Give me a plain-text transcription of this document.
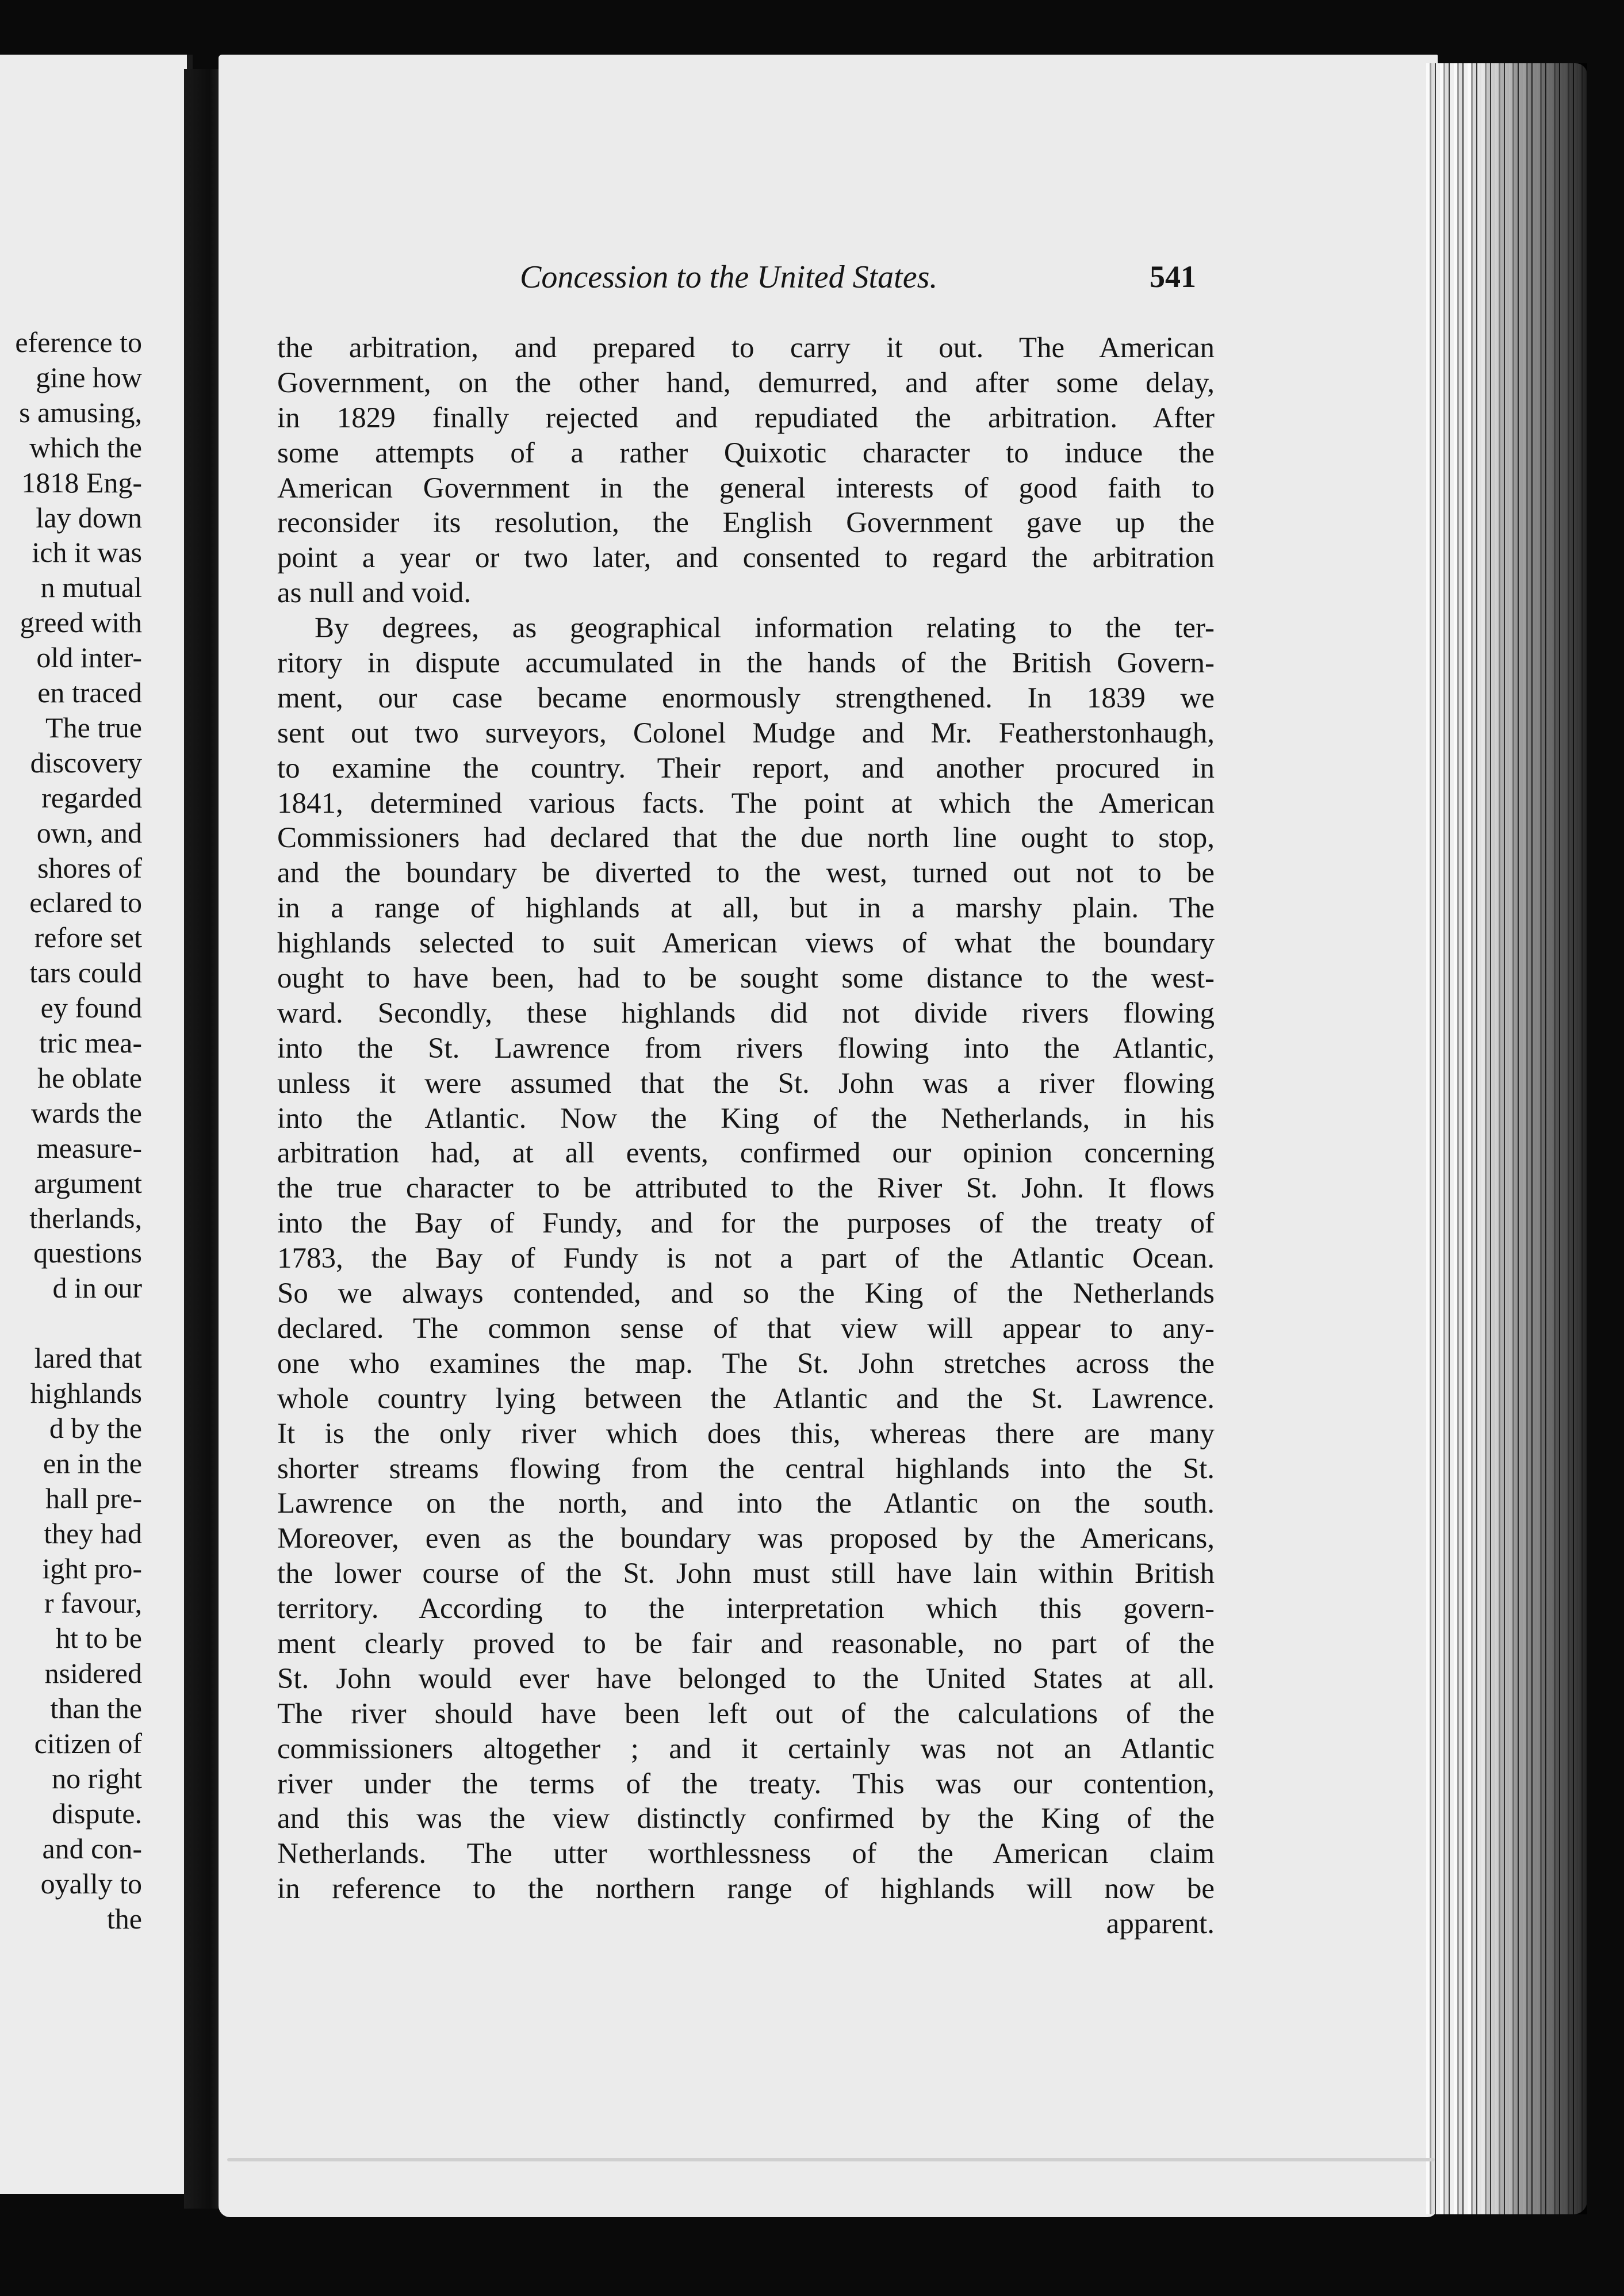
eference to
gine how
s amusing,
which the
1818 Eng-
lay down
ich it was
n mutual
greed with
old inter-
en traced
The true
discovery
regarded
own, and
shores of
eclared to
refore set
tars could
ey found
tric mea-
he oblate
wards the
measure-
argument
therlands,
questions
d in our
lared that
highlands
d by the
en in the
hall pre-
they had
ight pro-
r favour,
ht to be
nsidered
than the
citizen of
no right
dispute.
and con-
oyally to
the
Concession to the United States.	541
the arbitration, and prepared to carry it out. The American
Government, on the other hand, demurred, and after some delay,
in 1829 finally rejected and repudiated the arbitration. After
some attempts of a rather Quixotic character to induce the
American Government in the general interests of good faith to
reconsider its resolution, the English Government gave up the
point a year or two later, and consented to regard the arbitration
as null and void.
By degrees, as geographical information relating to the ter-
ritory in dispute accumulated in the hands of the British Govern-
ment, our case became enormously strengthened. In 1839 we
sent out two surveyors, Colonel Mudge and Mr. Featherstonhaugh,
to examine the country. Their report, and another procured in
1841, determined various facts. The point at which the American
Commissioners had declared that the due north line ought to stop,
and the boundary be diverted to the west, turned out not to be
in a range of highlands at all, but in a marshy plain. The
highlands selected to suit American views of what the boundary
ought to have been, had to be sought some distance to the west-
ward. Secondly, these highlands did not divide rivers flowing
into the St. Lawrence from rivers flowing into the Atlantic,
unless it were assumed that the St. John was a river flowing
into the Atlantic. Now the King of the Netherlands, in his
arbitration had, at all events, confirmed our opinion concerning
the true character to be attributed to the River St. John. It flows
into the Bay of Fundy, and for the purposes of the treaty of
1783, the Bay of Fundy is not a part of the Atlantic Ocean.
So we always contended, and so the King of the Netherlands
declared. The common sense of that view will appear to any-
one who examines the map. The St. John stretches across the
whole country lying between the Atlantic and the St. Lawrence.
It is the only river which does this, whereas there are many
shorter streams flowing from the central highlands into the St.
Lawrence on the north, and into the Atlantic on the south.
Moreover, even as the boundary was proposed by the Americans,
the lower course of the St. John must still have lain within British
territory. According to the interpretation which this govern-
ment clearly proved to be fair and reasonable, no part of the
St. John would ever have belonged to the United States at all.
The river should have been left out of the calculations of the
commissioners altogether ; and it certainly was not an Atlantic
river under the terms of the treaty. This was our contention,
and this was the view distinctly confirmed by the King of the
Netherlands. The utter worthlessness of the American claim
in reference to the northern range of highlands will now be
apparent.
